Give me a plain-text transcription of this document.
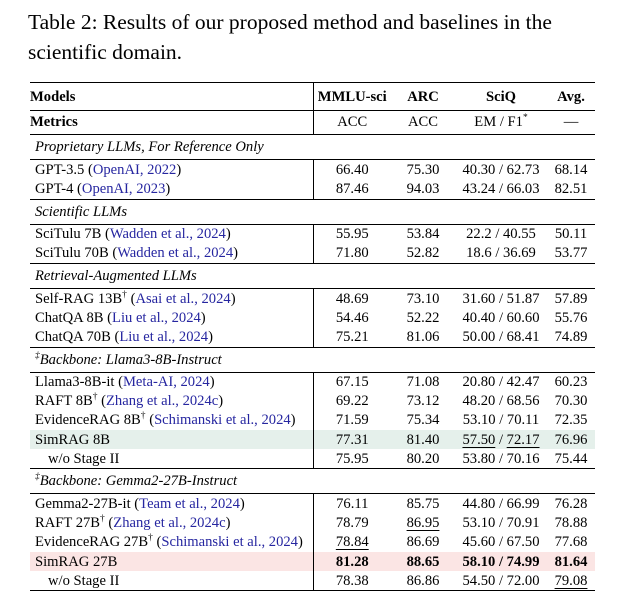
Table 2: Results of our proposed method and baselines in the scientific domain.
Models	MMLU-sci	ARC	SciQ	Avg.
Metrics	ACC	ACC	EM / F1*	—
Proprietary LLMs, For Reference Only				
GPT-3.5 (OpenAI, 2022)	66.40	75.30	40.30 / 62.73	68.14
GPT-4 (OpenAI, 2023)	87.46	94.03	43.24 / 66.03	82.51
Scientific LLMs				
SciTulu 7B (Wadden et al., 2024)	55.95	53.84	22.2 / 40.55	50.11
SciTulu 70B (Wadden et al., 2024)	71.80	52.82	18.6 / 36.69	53.77
Retrieval-Augmented LLMs				
Self-RAG 13B† (Asai et al., 2024)	48.69	73.10	31.60 / 51.87	57.89
ChatQA 8B (Liu et al., 2024)	54.46	52.22	40.40 / 60.60	55.76
ChatQA 70B (Liu et al., 2024)	75.21	81.06	50.00 / 68.41	74.89
‡Backbone: Llama3-8B-Instruct				
Llama3-8B-it (Meta-AI, 2024)	67.15	71.08	20.80 / 42.47	60.23
RAFT 8B† (Zhang et al., 2024c)	69.22	73.12	48.20 / 68.56	70.30
EvidenceRAG 8B† (Schimanski et al., 2024)	71.59	75.34	53.10 / 70.11	72.35
SimRAG 8B	77.31	81.40	57.50 / 72.17	76.96
w/o Stage II	75.95	80.20	53.80 / 70.16	75.44
‡Backbone: Gemma2-27B-Instruct				
Gemma2-27B-it (Team et al., 2024)	76.11	85.75	44.80 / 66.99	76.28
RAFT 27B† (Zhang et al., 2024c)	78.79	86.95	53.10 / 70.91	78.88
EvidenceRAG 27B† (Schimanski et al., 2024)	78.84	86.69	45.60 / 67.50	77.68
SimRAG 27B	81.28	88.65	58.10 / 74.99	81.64
w/o Stage II	78.38	86.86	54.50 / 72.00	79.08
